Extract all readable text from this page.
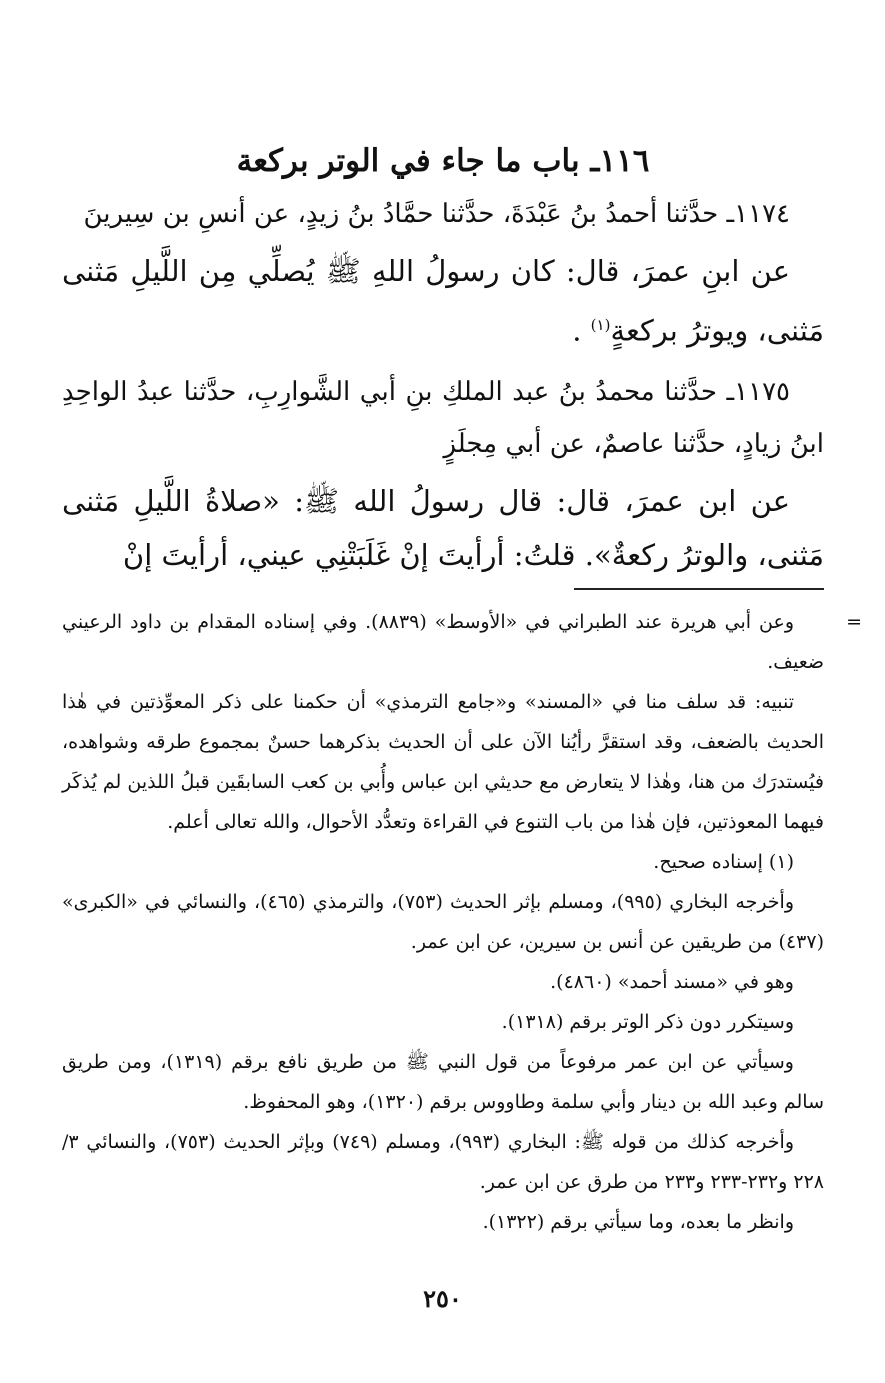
١١٦ـ باب ما جاء في الوتر بركعة

١١٧٤ـ حدَّثنا أحمدُ بنُ عَبْدَةَ، حدَّثنا حمَّادُ بنُ زيدٍ، عن أنسِ بن سِيرينَ

عن ابنِ عمرَ، قال: كان رسولُ اللهِ ﷺ يُصلِّي مِن اللَّيلِ مَثنى مَثنى، ويوترُ بركعةٍ$^{(١)}$ .

١١٧٥ـ حدَّثنا محمدُ بنُ عبد الملكِ بنِ أبي الشَّوارِبِ، حدَّثنا عبدُ الواحِدِ ابنُ زيادٍ، حدَّثنا عاصمٌ، عن أبي مِجلَزٍ

عن ابن عمرَ، قال: قال رسولُ الله ﷺ: «صلاةُ اللَّيلِ مَثنى مَثنى، والوترُ ركعةٌ». قلتُ: أرأيتَ إنْ غَلَبَتْنِي عيني، أرأيتَ إنْ

=

وعن أبي هريرة عند الطبراني في «الأوسط» (٨٨٣٩). وفي إسناده المقدام بن داود الرعيني ضعيف.

تنبيه: قد سلف منا في «المسند» و«جامع الترمذي» أن حكمنا على ذكر المعوِّذتين في هٰذا الحديث بالضعف، وقد استقرَّ رأيُنا الآن على أن الحديث بذكرهما حسنٌ بمجموع طرقه وشواهده، فيُستدرَك من هنا، وهٰذا لا يتعارض مع حديثي ابن عباس وأُبي بن كعب السابقَين قبلُ اللذين لم يُذكَر فيهما المعوذتين، فإن هٰذا من باب التنوع في القراءة وتعدُّد الأحوال، والله تعالى أعلم.

(١) إسناده صحيح.

وأخرجه البخاري (٩٩٥)، ومسلم بإثر الحديث (٧٥٣)، والترمذي (٤٦٥)، والنسائي في «الكبرى» (٤٣٧) من طريقين عن أنس بن سيرين، عن ابن عمر.

وهو في «مسند أحمد» (٤٨٦٠).

وسيتكرر دون ذكر الوتر برقم (١٣١٨).

وسيأتي عن ابن عمر مرفوعاً من قول النبي ﷺ من طريق نافع برقم (١٣١٩)، ومن طريق سالم وعبد الله بن دينار وأبي سلمة وطاووس برقم (١٣٢٠)، وهو المحفوظ.

وأخرجه كذلك من قوله ﷺ: البخاري (٩٩٣)، ومسلم (٧٤٩) وبإثر الحديث (٧٥٣)، والنسائي ٣/ ٢٢٨ و٢٣٢-٢٣٣ و٢٣٣ من طرق عن ابن عمر.

وانظر ما بعده، وما سيأتي برقم (١٣٢٢).

٢٥٠
